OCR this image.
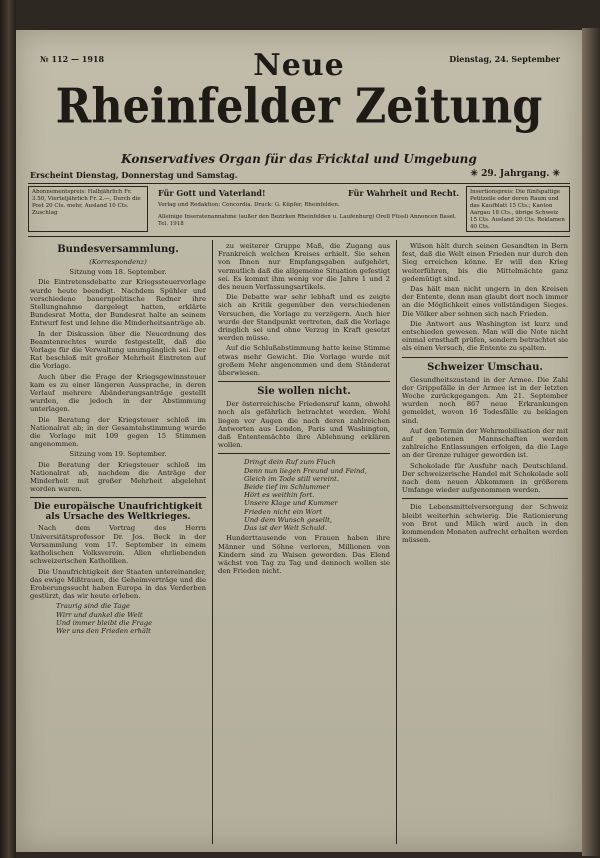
№ 112 — 1918	Dienstag, 24. September
Neue
Rheinfelder Zeitung
Konservatives Organ für das Fricktal und Umgebung
Erscheint Dienstag, Donnerstag und Samstag.	✳ 29. Jahrgang. ✳
Abonnementspreis: Halbjährlich Fr. 3.50, Vierteljährlich Fr. 2.—, Durch die Post 20 Cts. mehr, Ausland 10 Cts. Zuschlag
Für Gott und Vaterland!	Für Wahrheit und Recht.
Verlag und Redaktion: Concordia. Druck: G. Küpfer, Rheinfelden.
Alleinige Inseratenannahme (außer den Bezirken Rheinfelden u. Laufenburg) Orell Füssli Annoncen Basel. Tel. 1918
Insertionspreis: Die fünfspaltige Petitzeile oder deren Raum und das Kaufblatt 15 Cts.; Kanton Aargau 18 Cts., übrige Schweiz 15 Cts. Ausland 20 Cts. Reklamen 40 Cts.

Bundesversammlung.

(Korrespondenz)

Sitzung vom 18. September.

Die Eintretensdebatte zur Kriegssteuervorlage wurde heute beendigt. Nachdem Spühler und verschiedene bauernpolitische Redner ihre Stellungnahme dargelegt hatten, erklärte Bundesrat Motta, der Bundesrat halte an seinem Entwurf fest und lehne die Minderheitsanträge ab.

In der Diskussion über die Neuordnung des Beamtenrechtes wurde festgestellt, daß die Vorlage für die Verwaltung unumgänglich sei. Der Rat beschloß mit großer Mehrheit Eintreten auf die Vorlage.

Auch über die Frage der Kriegsgewinnsteuer kam es zu einer längeren Aussprache, in deren Verlauf mehrere Abänderungsanträge gestellt wurden, die jedoch in der Abstimmung unterlagen.

Die Beratung der Kriegsteuer schloß im Nationalrat ab; in der Gesamtabstimmung wurde die Vorlage mit 109 gegen 15 Stimmen angenommen.

Sitzung vom 19. September.

Die Beratung der Kriegsteuer schloß im Nationalrat ab, nachdem die Anträge der Minderheit mit großer Mehrheit abgelehnt worden waren.

Die europäische Unaufrichtigkeit als Ursache des Weltkrieges.

Nach dem Vortrag des Herrn Universitätsprofessor Dr. Jos. Beck in der Versammlung vom 17. September in einem katholischen Volksverein. Allen ehrliebenden schweizerischen Katholiken.

Die Unaufrichtigkeit der Staaten untereinander, das ewige Mißtrauen, die Geheimverträge und die Eroberungssucht haben Europa in das Verderben gestürzt, das wir heute erleben.

Traurig sind die Tage
Wirr und dunkel die Welt
Und immer bleibt die Frage
Wer uns den Frieden erhält

zu weiterer Gruppe Maß, die Zugang aus Frankreich welchen Kreises erhielt. Sie sehen von Ihnen nur Empfangsgaben aufgehört, vermutlich daß die allgemeine Situation gefestigt sei. Es kommt ihm wenig vor die Jahre 1 und 2 des neuen Verfassungsartikels.

Die Debatte war sehr lebhaft und es zeigte sich an Kritik gegenüber den verschiedenen Versuchen, die Vorlage zu verzögern. Auch hier wurde der Standpunkt vertreten, daß die Vorlage dringlich sei und ohne Verzug in Kraft gesetzt werden müsse.

Auf die Schlußabstimmung hatte keine Stimme etwas mehr Gewicht. Die Vorlage wurde mit großem Mehr angenommen und dem Ständerat überwiesen.

Sie wollen nicht.

Der österreichische Friedensruf kann, obwohl noch als gefährlich betrachtet werden. Wohl liegen vor Augen die nach deren zahlreichen Antworten aus London, Paris und Washington, daß Ententemächte ihre Ablehnung erklären wollen.

Dringt dein Ruf zum Fluch
Denn nun liegen Freund und Feind,
Gleich im Tode still vereint.
Beide tief im Schlummer
Hört es weithin fort.
Unsere Klage und Kummer
Frieden nicht ein Wort
Und dem Wunsch gesellt,
Das ist der Welt Schuld.

Hunderttausende von Frauen haben ihre Männer und Söhne verloren, Millionen von Kindern sind zu Waisen geworden. Das Elend wächst von Tag zu Tag und dennoch wollen sie den Frieden nicht.

Wilson hält durch seinen Gesandten in Bern fest, daß die Welt einen Frieden nur durch den Sieg erreichen könne. Er will den Krieg weiterführen, bis die Mittelmächte ganz gedemütigt sind.

Das hält man nicht ungern in den Kreisen der Entente, denn man glaubt dort noch immer an die Möglichkeit eines vollständigen Sieges. Die Völker aber sehnen sich nach Frieden.

Die Antwort aus Washington ist kurz und entschieden gewesen. Man will die Note nicht einmal ernsthaft prüfen, sondern betrachtet sie als einen Versuch, die Entente zu spalten.

Schweizer Umschau.

Gesundheitszustand in der Armee. Die Zahl der Grippefälle in der Armee ist in der letzten Woche zurückgegangen. Am 21. September wurden noch 867 neue Erkrankungen gemeldet, wovon 16 Todesfälle zu beklagen sind.

Auf den Termin der Wehrmobilisation der mit auf gebotenen Mannschaften werden zahlreiche Entlassungen erfolgen, da die Lage an der Grenze ruhiger geworden ist.

Schokolade für Ausfuhr nach Deutschland. Der schweizerische Handel mit Schokolade soll nach dem neuen Abkommen in größerem Umfange wieder aufgenommen werden.

Die Lebensmittelversorgung der Schweiz bleibt weiterhin schwierig. Die Rationierung von Brot und Milch wird auch in den kommenden Monaten aufrecht erhalten werden müssen.
